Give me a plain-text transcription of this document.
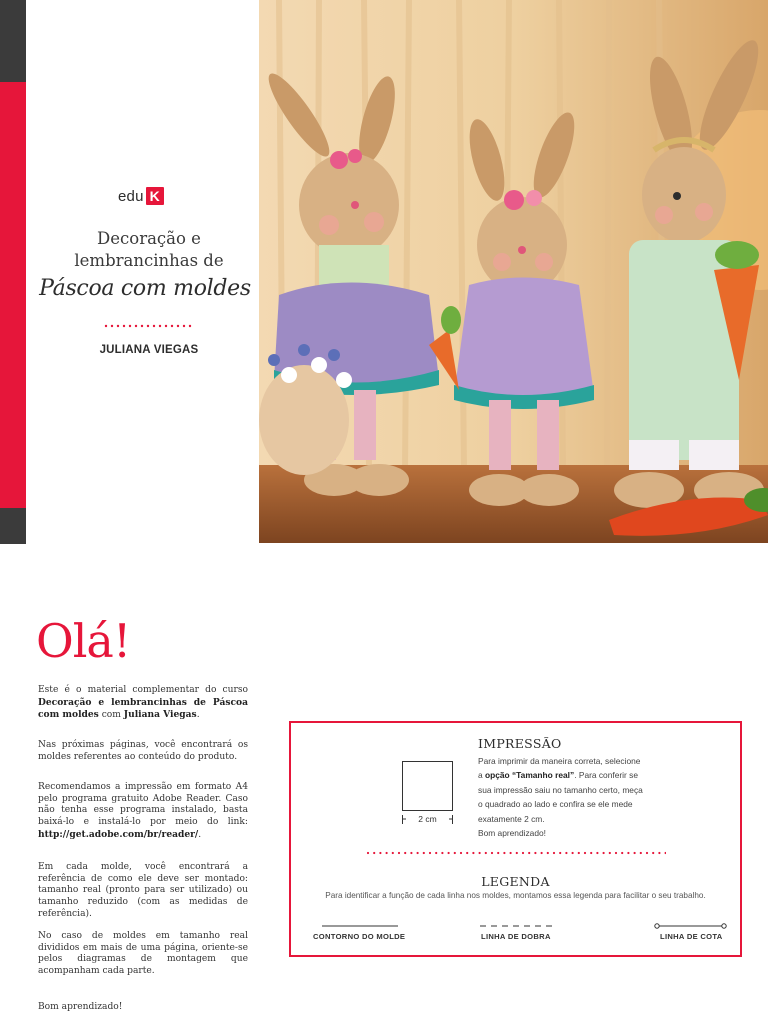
edu K
Decoração e
lembrancinhas de
Páscoa com moldes
JULIANA VIEGAS
Olá!
Este é o material complementar do curso Decoração e lembrancinhas de Páscoa com moldes com Juliana Viegas.
Nas próximas páginas, você encontrará os moldes referentes ao conteúdo do produto.
Recomendamos a impressão em formato A4 pelo programa gratuito Adobe Reader. Caso não tenha esse programa instalado, basta baixá-lo e instalá-lo por meio do link: http://get.adobe.com/br/reader/.
Em cada molde, você encontrará a referência de como ele deve ser montado: tamanho real (pronto para ser utilizado) ou tamanho reduzido (com as medidas de referência).
No caso de moldes em tamanho real divididos em mais de uma página, oriente-se pelos diagramas de montagem que acompanham cada parte.
Bom aprendizado!
IMPRESSÃO
2 cm
Para imprimir da maneira correta, selecione a opção “Tamanho real”. Para conferir se sua impressão saiu no tamanho certo, meça o quadrado ao lado e confira se ele mede exatamente 2 cm.
Bom aprendizado!
LEGENDA
Para identificar a função de cada linha nos moldes, montamos essa legenda para facilitar o seu trabalho.
CONTORNO DO MOLDE	LINHA DE DOBRA	LINHA DE COTA
